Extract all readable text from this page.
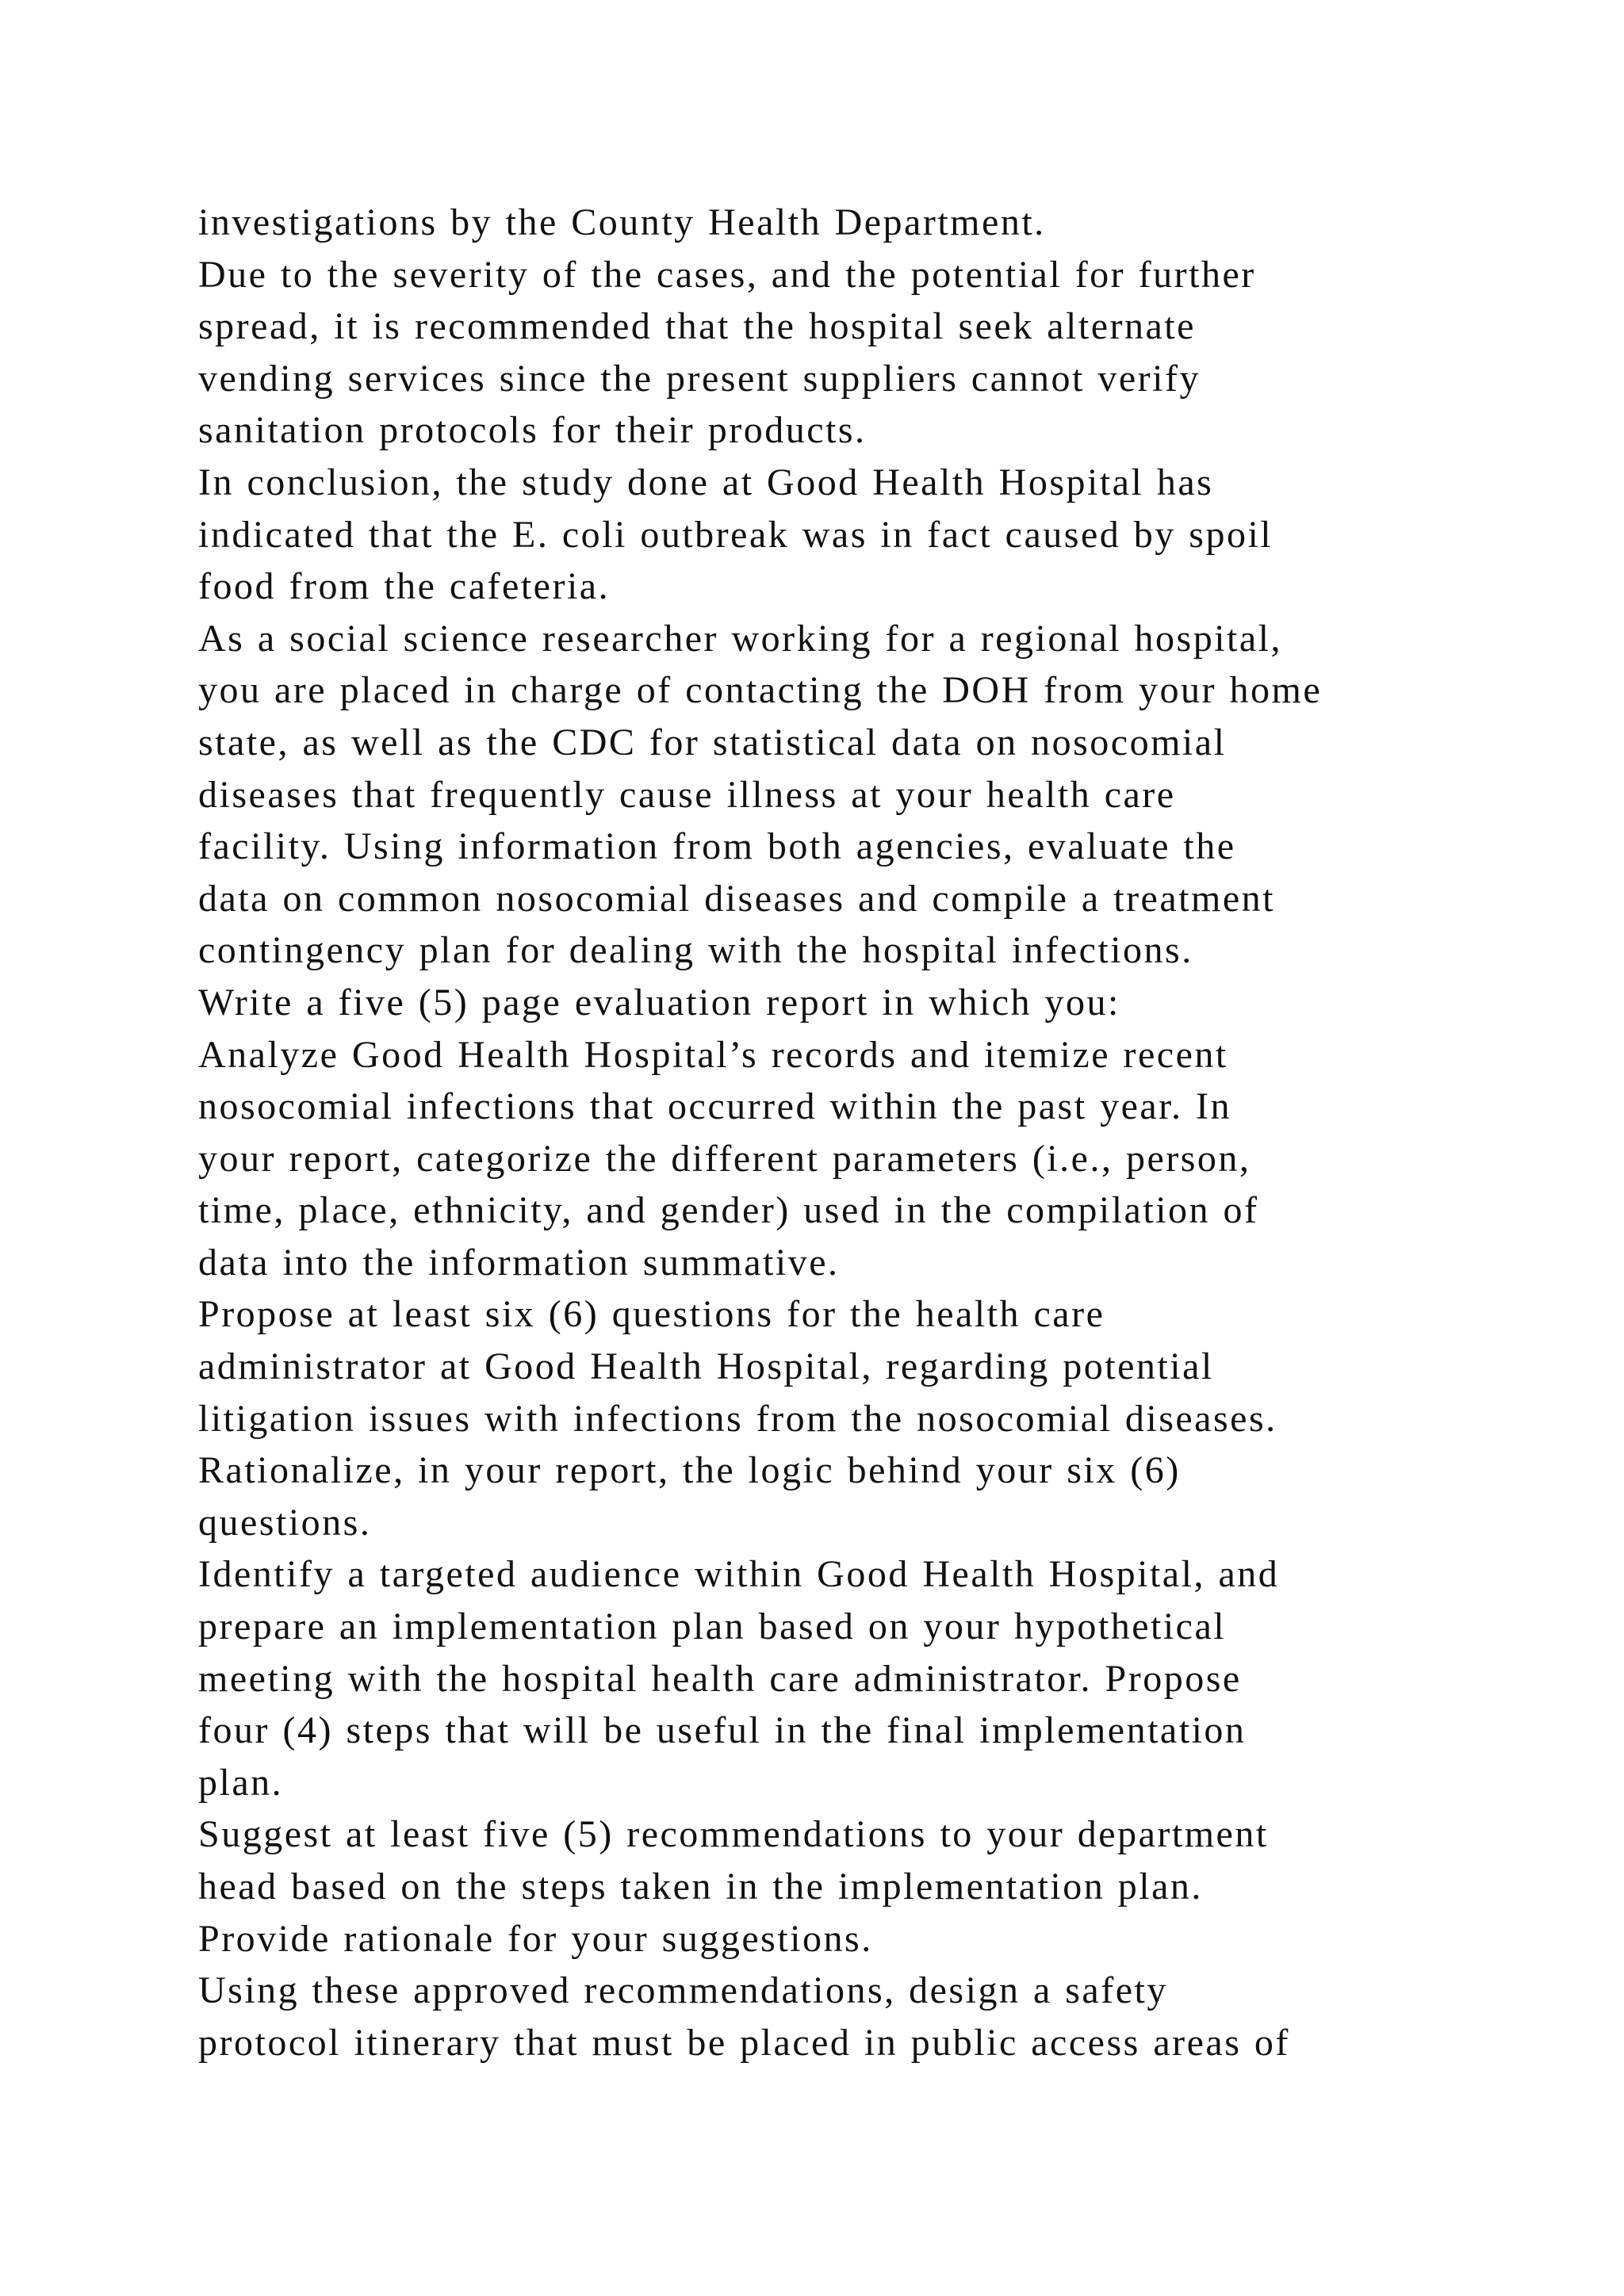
investigations by the County Health Department.
Due to the severity of the cases, and the potential for further
spread, it is recommended that the hospital seek alternate
vending services since the present suppliers cannot verify
sanitation protocols for their products.
In conclusion, the study done at Good Health Hospital has
indicated that the E. coli outbreak was in fact caused by spoil
food from the cafeteria.
As a social science researcher working for a regional hospital,
you are placed in charge of contacting the DOH from your home
state, as well as the CDC for statistical data on nosocomial
diseases that frequently cause illness at your health care
facility. Using information from both agencies, evaluate the
data on common nosocomial diseases and compile a treatment
contingency plan for dealing with the hospital infections.
Write a five (5) page evaluation report in which you:
Analyze Good Health Hospital’s records and itemize recent
nosocomial infections that occurred within the past year. In
your report, categorize the different parameters (i.e., person,
time, place, ethnicity, and gender) used in the compilation of
data into the information summative.
Propose at least six (6) questions for the health care
administrator at Good Health Hospital, regarding potential
litigation issues with infections from the nosocomial diseases.
Rationalize, in your report, the logic behind your six (6)
questions.
Identify a targeted audience within Good Health Hospital, and
prepare an implementation plan based on your hypothetical
meeting with the hospital health care administrator. Propose
four (4) steps that will be useful in the final implementation
plan.
Suggest at least five (5) recommendations to your department
head based on the steps taken in the implementation plan.
Provide rationale for your suggestions.
Using these approved recommendations, design a safety
protocol itinerary that must be placed in public access areas of
